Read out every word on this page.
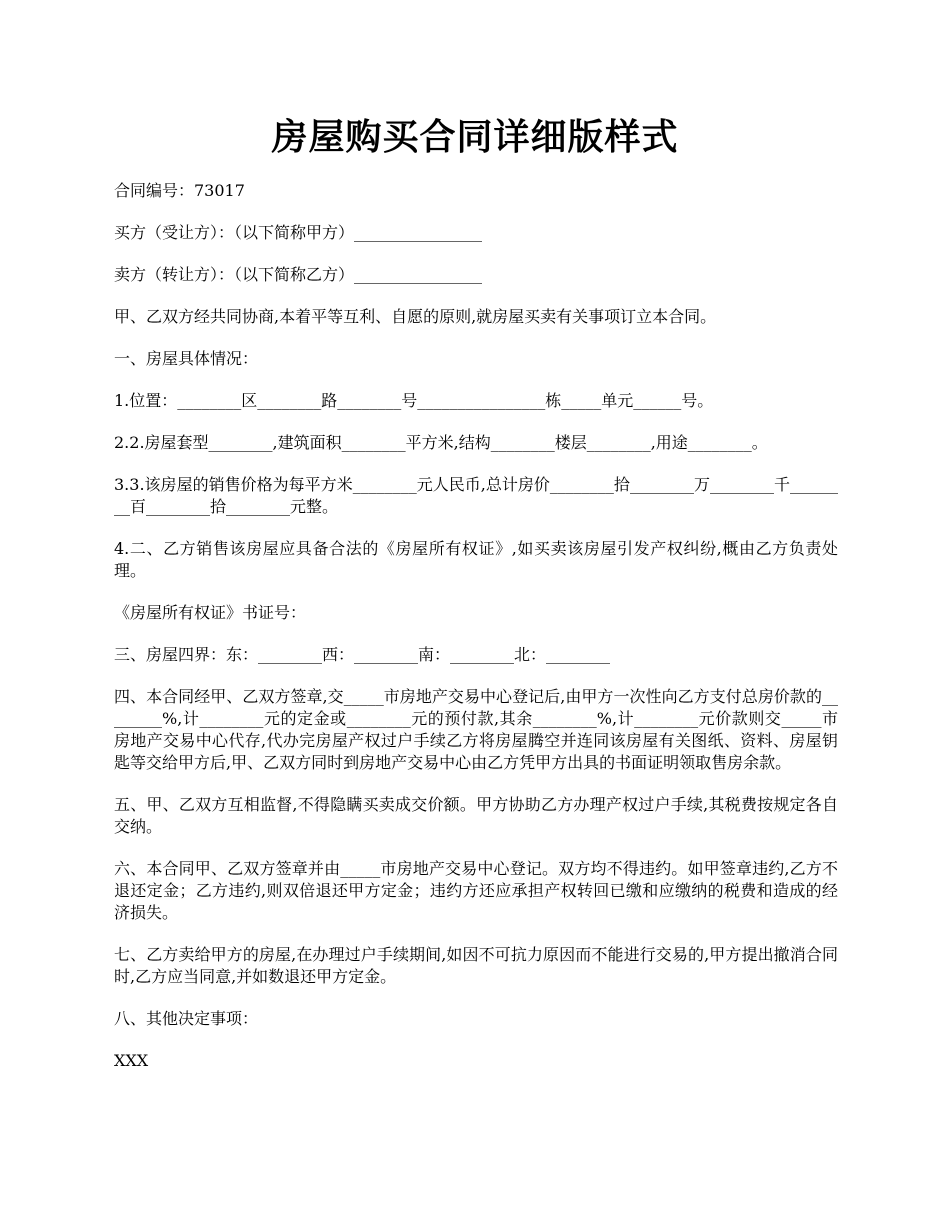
房屋购买合同详细版样式

合同编号：73017

买方（受让方）：（以下简称甲方）________________

卖方（转让方）：（以下简称乙方）________________

甲、乙双方经共同协商,本着平等互利、自愿的原则,就房屋买卖有关事项订立本合同。

一、房屋具体情况：

1.位置：________区________路________号________________栋_____单元______号。

2.2.房屋套型________,建筑面积________平方米,结构________楼层________,用途________。

3.3.该房屋的销售价格为每平方米________元人民币,总计房价________拾________万________千________百________拾________元整。

4.二、乙方销售该房屋应具备合法的《房屋所有权证》,如买卖该房屋引发产权纠纷,概由乙方负责处理。

《房屋所有权证》书证号：

三、房屋四界：东：________西：________南：________北：________

四、本合同经甲、乙双方签章,交_____市房地产交易中心登记后,由甲方一次性向乙方支付总房价款的________%,计________元的定金或________元的预付款,其余________%,计________元价款则交_____市房地产交易中心代存,代办完房屋产权过户手续乙方将房屋腾空并连同该房屋有关图纸、资料、房屋钥匙等交给甲方后,甲、乙双方同时到房地产交易中心由乙方凭甲方出具的书面证明领取售房余款。

五、甲、乙双方互相监督,不得隐瞒买卖成交价额。甲方协助乙方办理产权过户手续,其税费按规定各自交纳。

六、本合同甲、乙双方签章并由_____市房地产交易中心登记。双方均不得违约。如甲签章违约,乙方不退还定金；乙方违约,则双倍退还甲方定金；违约方还应承担产权转回已缴和应缴纳的税费和造成的经济损失。

七、乙方卖给甲方的房屋,在办理过户手续期间,如因不可抗力原因而不能进行交易的,甲方提出撤消合同时,乙方应当同意,并如数退还甲方定金。

八、其他决定事项：

XXX
